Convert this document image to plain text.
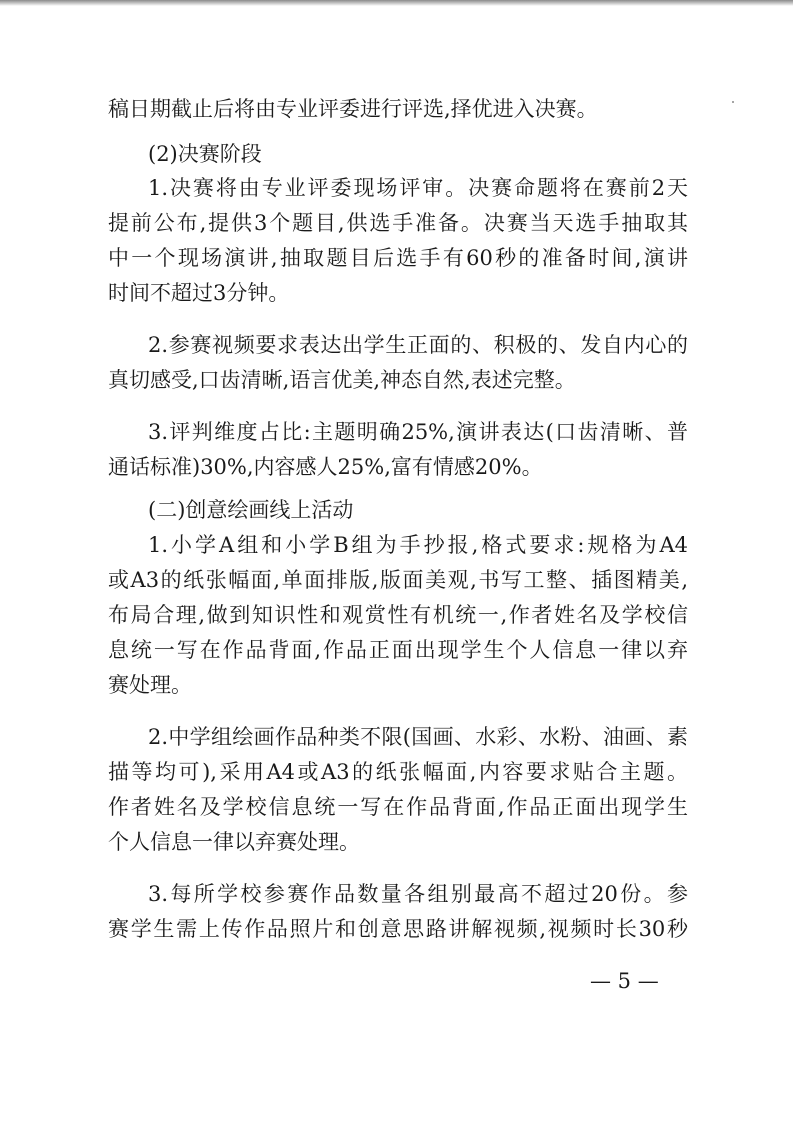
稿日期截止后将由专业评委进行评选,择优进入决赛。
(2)决赛阶段
1.决赛将由专业评委现场评审。决赛命题将在赛前2天
提前公布,提供3个题目,供选手准备。决赛当天选手抽取其
中一个现场演讲,抽取题目后选手有60秒的准备时间,演讲
时间不超过3分钟。
2.参赛视频要求表达出学生正面的、积极的、发自内心的
真切感受,口齿清晰,语言优美,神态自然,表述完整。
3.评判维度占比:主题明确25%,演讲表达(口齿清晰、普
通话标准)30%,内容感人25%,富有情感20%。
(二)创意绘画线上活动
1.小学A组和小学B组为手抄报,格式要求:规格为A4
或A3的纸张幅面,单面排版,版面美观,书写工整、插图精美,
布局合理,做到知识性和观赏性有机统一,作者姓名及学校信
息统一写在作品背面,作品正面出现学生个人信息一律以弃
赛处理。
2.中学组绘画作品种类不限(国画、水彩、水粉、油画、素
描等均可),采用A4或A3的纸张幅面,内容要求贴合主题。
作者姓名及学校信息统一写在作品背面,作品正面出现学生
个人信息一律以弃赛处理。
3.每所学校参赛作品数量各组别最高不超过20份。参
赛学生需上传作品照片和创意思路讲解视频,视频时长30秒
— 5 —
